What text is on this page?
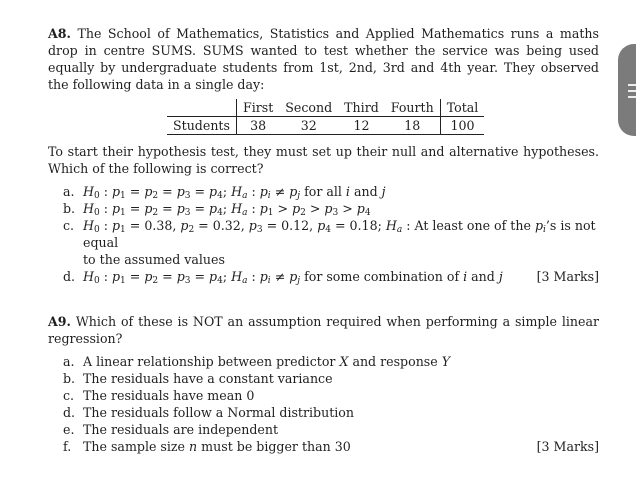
A8. The School of Mathematics, Statistics and Applied Mathematics runs a maths drop in centre SUMS. SUMS wanted to test whether the service was being used equally by undergraduate students from 1st, 2nd, 3rd and 4th year. They observed the following data in a single day:

	First	Second	Third	Fourth	Total
Students	38	32	12	18	100

To start their hypothesis test, they must set up their null and alternative hypotheses. Which of the following is correct?

a. $H_0$ : $p_1 = p_2 = p_3 = p_4$; $H_a$ : $p_i \ne p_j$ for all i and j
b. $H_0$ : $p_1 = p_2 = p_3 = p_4$; $H_a$ : $p_1 > p_2 > p_3 > p_4$
c. $H_0$ : $p_1 = 0.38$, $p_2 = 0.32$, $p_3 = 0.12$, $p_4 = 0.18$; $H_a$ : At least one of the $p_i’s$ is not equal
to the assumed values
d. $H_0$ : $p_1 = p_2 = p_3 = p_4$; $H_a$ : $p_i \ne p_j$ for some combination of i and j	[3 Marks]

A9. Which of these is NOT an assumption required when performing a simple linear regression?

a. A linear relationship between predictor X and response Y
b. The residuals have a constant variance
c. The residuals have mean 0
d. The residuals follow a Normal distribution
e. The residuals are independent
f. The sample size n must be bigger than 30	[3 Marks]
